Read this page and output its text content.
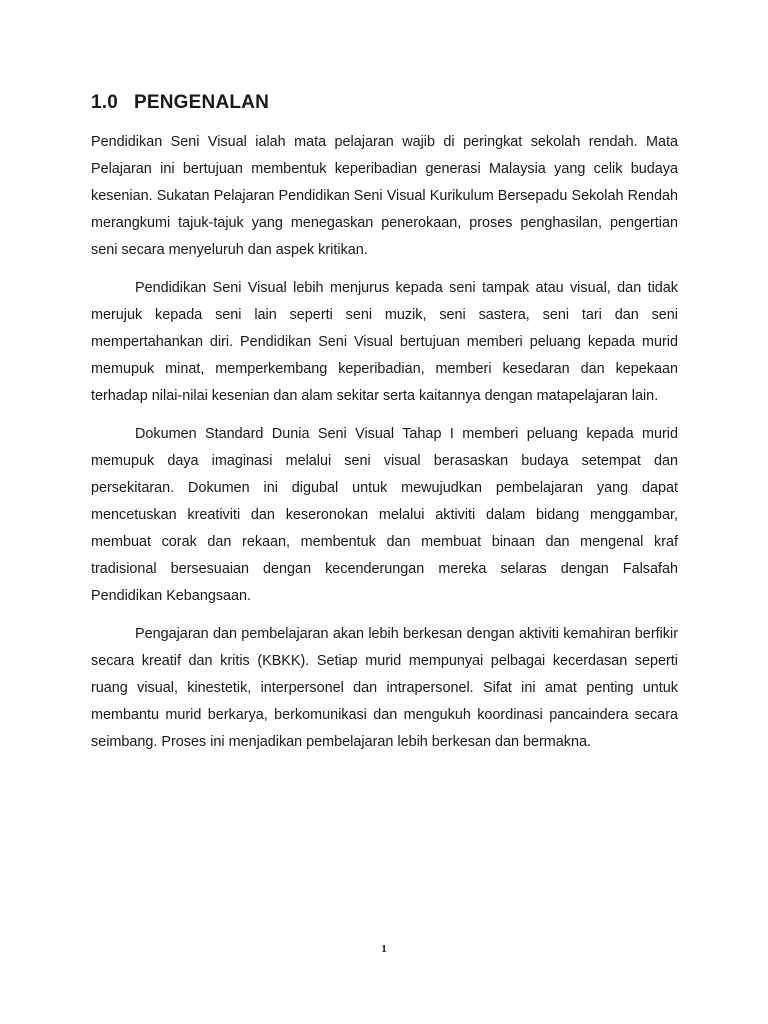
1.0 PENGENALAN

Pendidikan Seni Visual ialah mata pelajaran wajib di peringkat sekolah rendah. Mata Pelajaran ini bertujuan membentuk keperibadian generasi Malaysia yang celik budaya kesenian. Sukatan Pelajaran Pendidikan Seni Visual Kurikulum Bersepadu Sekolah Rendah merangkumi tajuk-tajuk yang menegaskan penerokaan, proses penghasilan, pengertian seni secara menyeluruh dan aspek kritikan.

Pendidikan Seni Visual lebih menjurus kepada seni tampak atau visual, dan tidak merujuk kepada seni lain seperti seni muzik, seni sastera, seni tari dan seni mempertahankan diri. Pendidikan Seni Visual bertujuan memberi peluang kepada murid memupuk minat, memperkembang keperibadian, memberi kesedaran dan kepekaan terhadap nilai-nilai kesenian dan alam sekitar serta kaitannya dengan matapelajaran lain.

Dokumen Standard Dunia Seni Visual Tahap I memberi peluang kepada murid memupuk daya imaginasi melalui seni visual berasaskan budaya setempat dan persekitaran. Dokumen ini digubal untuk mewujudkan pembelajaran yang dapat mencetuskan kreativiti dan keseronokan melalui aktiviti dalam bidang menggambar, membuat corak dan rekaan, membentuk dan membuat binaan dan mengenal kraf tradisional bersesuaian dengan kecenderungan mereka selaras dengan Falsafah Pendidikan Kebangsaan.

Pengajaran dan pembelajaran akan lebih berkesan dengan aktiviti kemahiran berfikir secara kreatif dan kritis (KBKK). Setiap murid mempunyai pelbagai kecerdasan seperti ruang visual, kinestetik, interpersonel dan intrapersonel. Sifat ini amat penting untuk membantu murid berkarya, berkomunikasi dan mengukuh koordinasi pancaindera secara seimbang. Proses ini menjadikan pembelajaran lebih berkesan dan bermakna.

1
